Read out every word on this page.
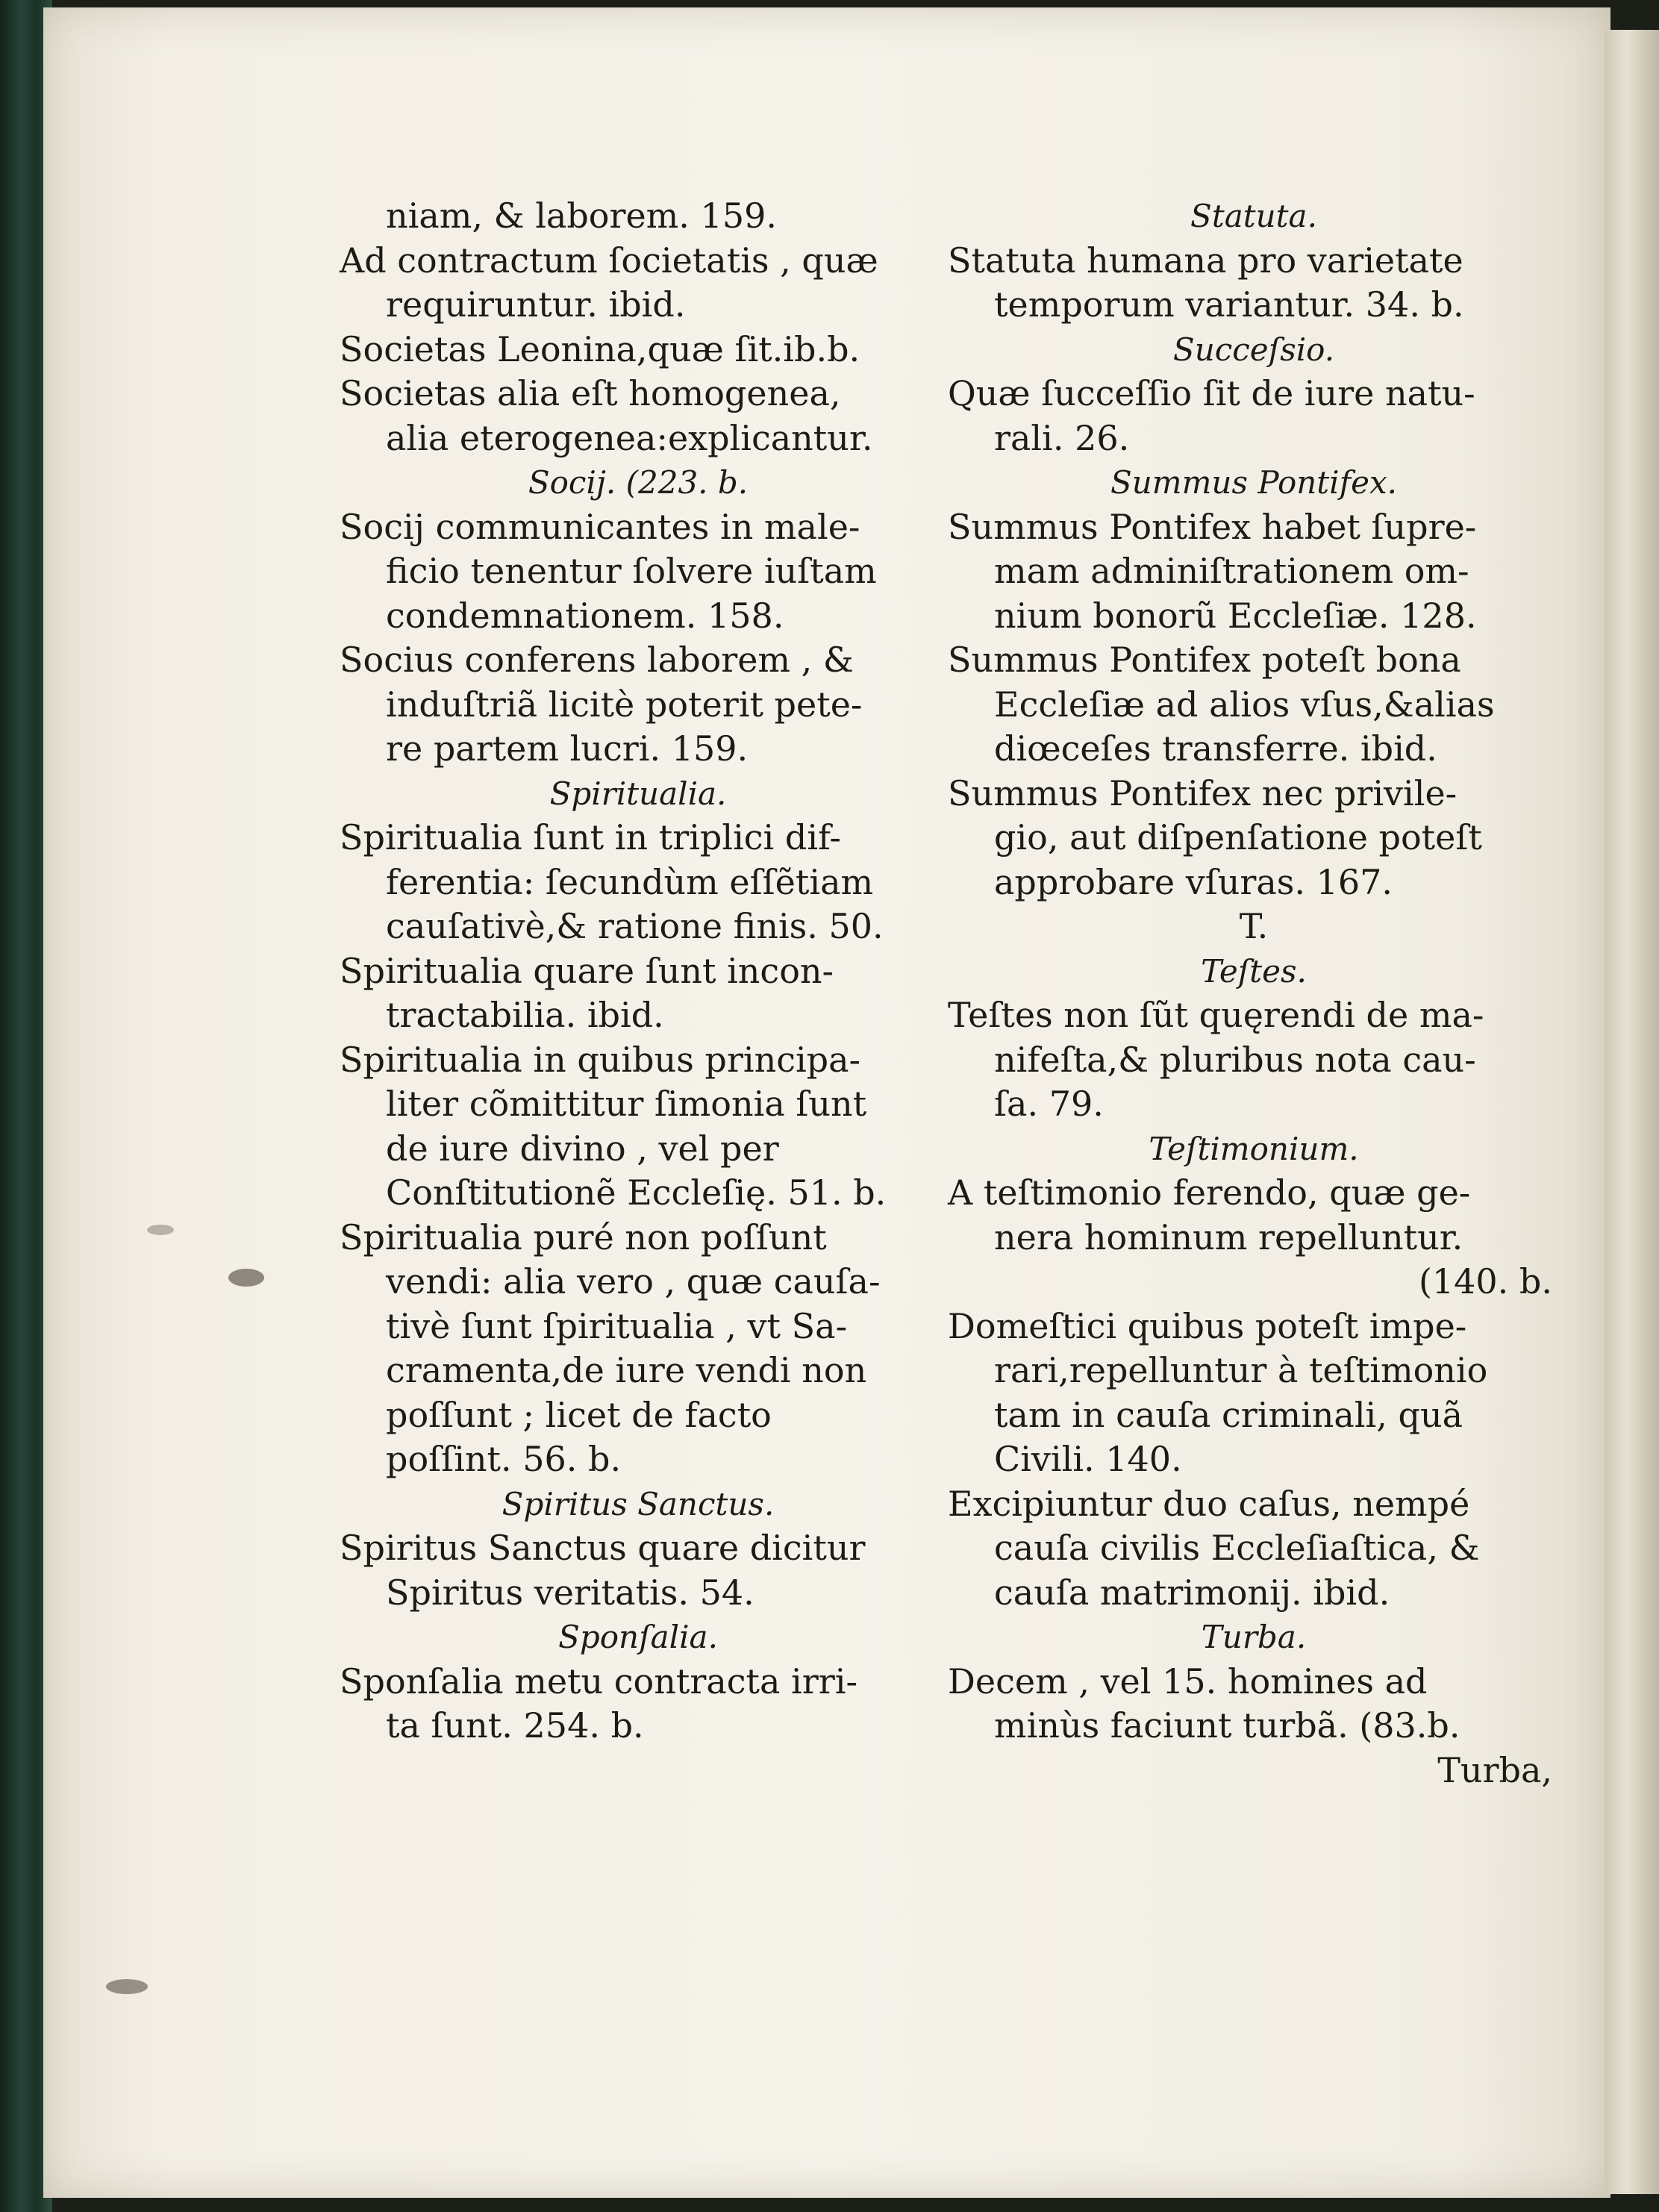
niam, & laborem. 159.
Ad contractum ſocietatis , quæ
requiruntur. ibid.
Societas Leonina,quæ ſit.ib.b.
Societas alia eſt homogenea,
alia eterogenea:explicantur.
Socij. (223. b.
Socij communicantes in male-
ficio tenentur ſolvere iuſtam
condemnationem. 158.
Socius conferens laborem , &
induſtriã licitè poterit pete-
re partem lucri. 159.
Spiritualia.
Spiritualia ſunt in triplici dif-
ferentia: ſecundùm eſſẽtiam
cauſativè,& ratione finis. 50.
Spiritualia quare ſunt incon-
tractabilia. ibid.
Spiritualia in quibus principa-
liter cõmittitur ſimonia ſunt
de iure divino , vel per
Conſtitutionẽ Eccleſię. 51. b.
Spiritualia puré non poſſunt
vendi: alia vero , quæ cauſa-
tivè ſunt ſpiritualia , vt Sa-
cramenta,de iure vendi non
poſſunt ; licet de facto
poſſint. 56. b.
Spiritus Sanctus.
Spiritus Sanctus quare dicitur
Spiritus veritatis. 54.
Sponſalia.
Sponſalia metu contracta irri-
ta ſunt. 254. b.
Statuta.
Statuta humana pro varietate
temporum variantur. 34. b.
Succeſsio.
Quæ ſucceſſio ſit de iure natu-
rali. 26.
Summus Pontifex.
Summus Pontifex habet ſupre-
mam adminiſtrationem om-
nium bonorũ Eccleſiæ. 128.
Summus Pontifex poteſt bona
Eccleſiæ ad alios vſus,&alias
diœceſes transferre. ibid.
Summus Pontifex nec privile-
gio, aut diſpenſatione poteſt
approbare vſuras. 167.
T.
Teſtes.
Teſtes non ſũt quęrendi de ma-
nifeſta,& pluribus nota cau-
ſa. 79.
Teſtimonium.
A teſtimonio ferendo, quæ ge-
nera hominum repelluntur.
(140. b.
Domeſtici quibus poteſt impe-
rari,repelluntur à teſtimonio
tam in cauſa criminali, quã
Civili. 140.
Excipiuntur duo caſus, nempé
cauſa civilis Eccleſiaſtica, &
cauſa matrimonij. ibid.
Turba.
Decem , vel 15. homines ad
minùs faciunt turbã. (83.b.
Turba,
